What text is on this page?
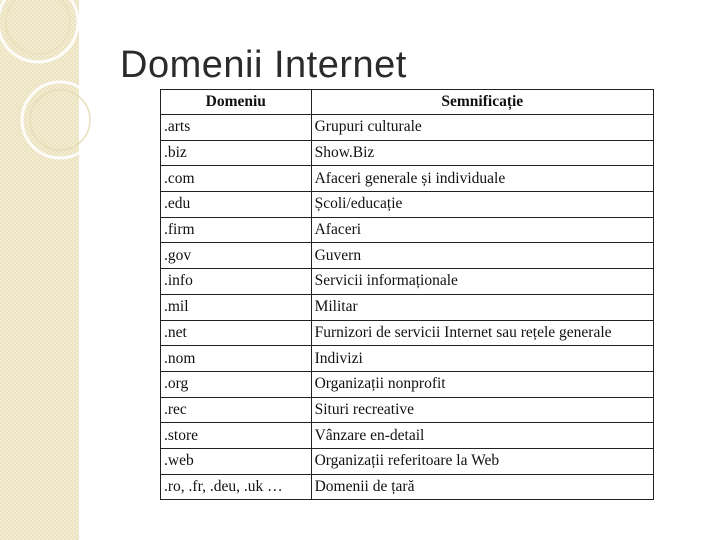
Domenii Internet
Domeniu	Semnificație
.arts	Grupuri culturale
.biz	Show.Biz
.com	Afaceri generale și individuale
.edu	Școli/educație
.firm	Afaceri
.gov	Guvern
.info	Servicii informaționale
.mil	Militar
.net	Furnizori de servicii Internet sau rețele generale
.nom	Indivizi
.org	Organizații nonprofit
.rec	Situri recreative
.store	Vânzare en-detail
.web	Organizații referitoare la Web
.ro, .fr, .deu, .uk …	Domenii de țară
